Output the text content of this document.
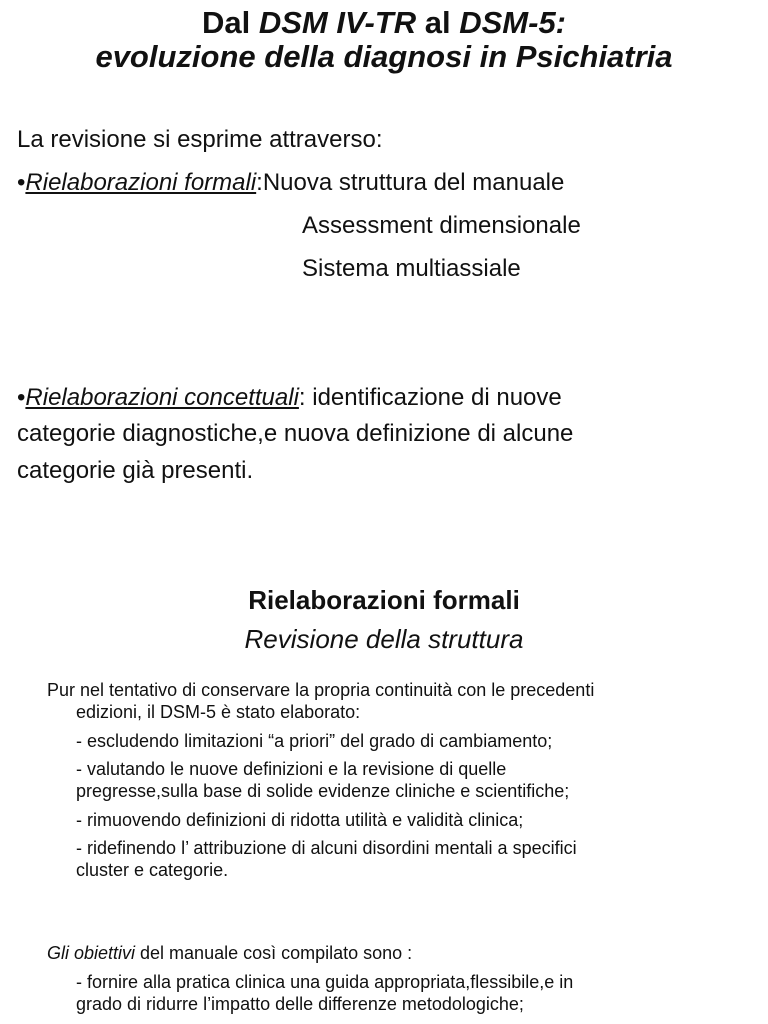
Dal DSM IV-TR al DSM-5:
evoluzione della diagnosi in Psichiatria

La revisione si esprime attraverso:

•Rielaborazioni formali:Nuova struttura del manuale

Assessment dimensionale
Sistema multiassiale

•Rielaborazioni concettuali: identificazione di nuove

categorie diagnostiche,e nuova definizione di alcune

categorie già presenti.

Rielaborazioni formali
Revisione della struttura

Pur nel tentativo di conservare la propria continuità con le precedenti

edizioni, il DSM-5 è stato elaborato:

- escludendo limitazioni “a priori” del grado di cambiamento;

- valutando le nuove definizioni e la revisione di quelle

pregresse,sulla base di solide evidenze cliniche e scientifiche;

- rimuovendo definizioni di ridotta utilità e validità clinica;

- ridefinendo l’ attribuzione di alcuni disordini mentali a specifici

cluster e categorie.

Gli obiettivi del manuale così compilato sono :

- fornire alla pratica clinica una guida appropriata,flessibile,e in

grado di ridurre l’impatto delle differenze metodologiche;
